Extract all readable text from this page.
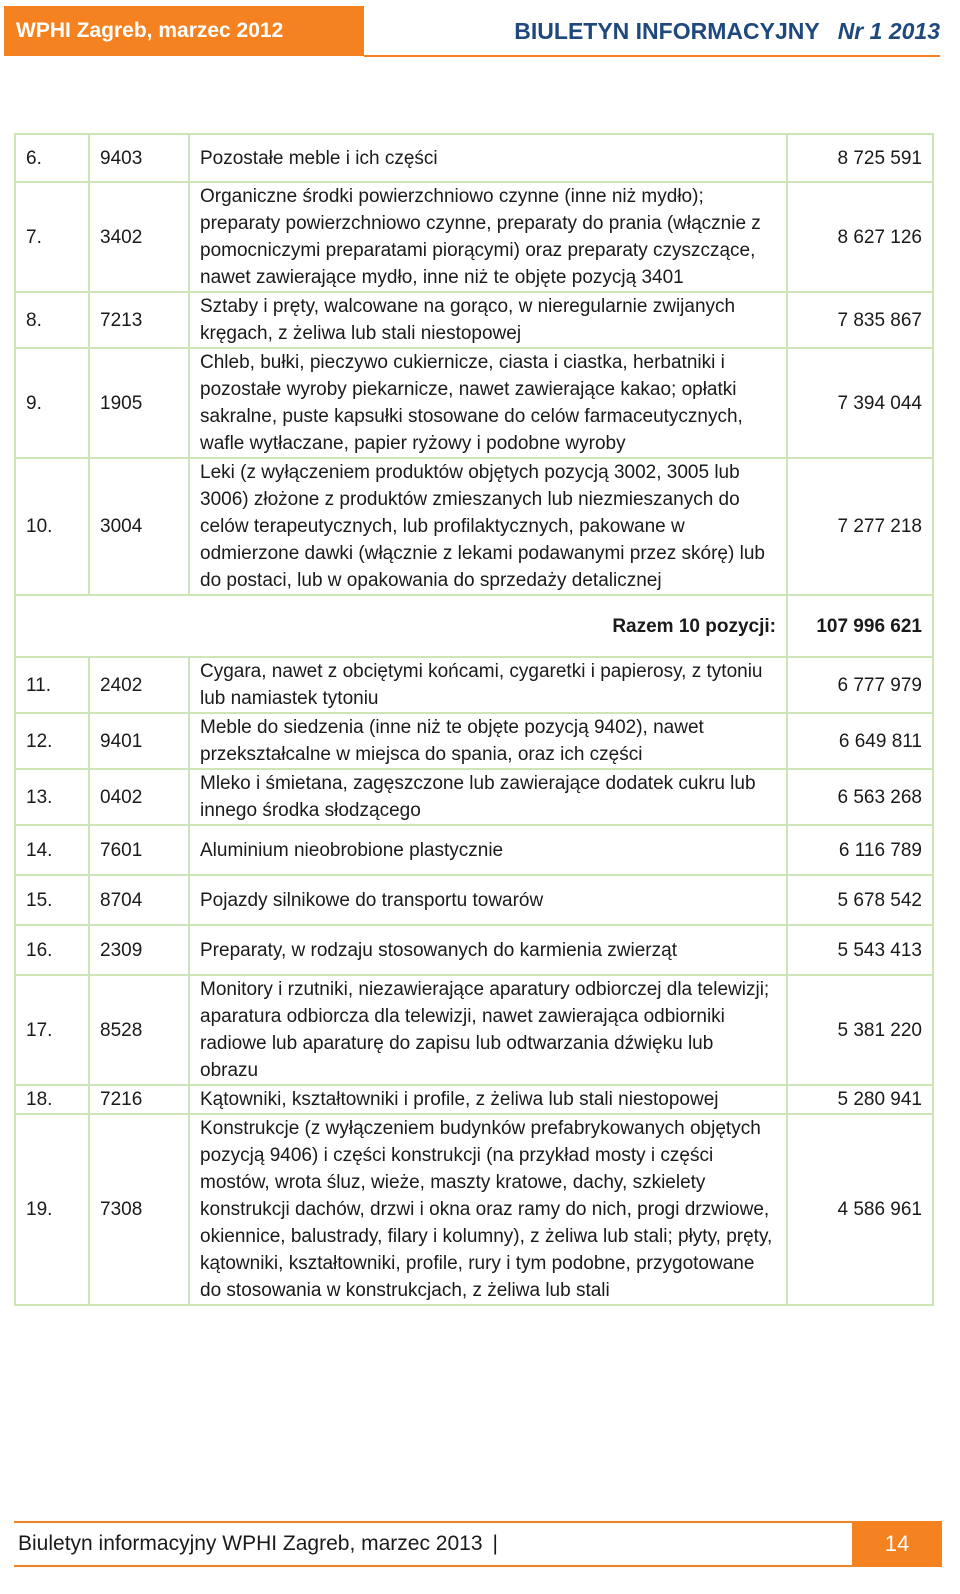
WPHI Zagreb, marzec 2012	BIULETYN INFORMACYJNY Nr 1 2013
6.	9403	Pozostałe meble i ich części	8 725 591
7.	3402	Organiczne środki powierzchniowo czynne (inne niż mydło); preparaty powierzchniowo czynne, preparaty do prania (włącznie z pomocniczymi preparatami piorącymi) oraz preparaty czyszczące, nawet zawierające mydło, inne niż te objęte pozycją 3401	8 627 126
8.	7213	Sztaby i pręty, walcowane na gorąco, w nieregularnie zwijanych kręgach, z żeliwa lub stali niestopowej	7 835 867
9.	1905	Chleb, bułki, pieczywo cukiernicze, ciasta i ciastka, herbatniki i pozostałe wyroby piekarnicze, nawet zawierające kakao; opłatki sakralne, puste kapsułki stosowane do celów farmaceutycznych, wafle wytłaczane, papier ryżowy i podobne wyroby	7 394 044
10.	3004	Leki (z wyłączeniem produktów objętych pozycją 3002, 3005 lub 3006) złożone z produktów zmieszanych lub niezmieszanych do celów terapeutycznych, lub profilaktycznych, pakowane w odmierzone dawki (włącznie z lekami podawanymi przez skórę) lub do postaci, lub w opakowania do sprzedaży detalicznej	7 277 218
Razem 10 pozycji:			107 996 621
11.	2402	Cygara, nawet z obciętymi końcami, cygaretki i papierosy, z tytoniu lub namiastek tytoniu	6 777 979
12.	9401	Meble do siedzenia (inne niż te objęte pozycją 9402), nawet przekształcalne w miejsca do spania, oraz ich części	6 649 811
13.	0402	Mleko i śmietana, zagęszczone lub zawierające dodatek cukru lub innego środka słodzącego	6 563 268
14.	7601	Aluminium nieobrobione plastycznie	6 116 789
15.	8704	Pojazdy silnikowe do transportu towarów	5 678 542
16.	2309	Preparaty, w rodzaju stosowanych do karmienia zwierząt	5 543 413
17.	8528	Monitory i rzutniki, niezawierające aparatury odbiorczej dla telewizji; aparatura odbiorcza dla telewizji, nawet zawierająca odbiorniki radiowe lub aparaturę do zapisu lub odtwarzania dźwięku lub obrazu	5 381 220
18.	7216	Kątowniki, kształtowniki i profile, z żeliwa lub stali niestopowej	5 280 941
19.	7308	Konstrukcje (z wyłączeniem budynków prefabrykowanych objętych pozycją 9406) i części konstrukcji (na przykład mosty i części mostów, wrota śluz, wieże, maszty kratowe, dachy, szkielety konstrukcji dachów, drzwi i okna oraz ramy do nich, progi drzwiowe, okiennice, balustrady, filary i kolumny), z żeliwa lub stali; płyty, pręty, kątowniki, kształtowniki, profile, rury i tym podobne, przygotowane do stosowania w konstrukcjach, z żeliwa lub stali	4 586 961
Biuletyn informacyjny WPHI Zagreb, marzec 2013 |	14
